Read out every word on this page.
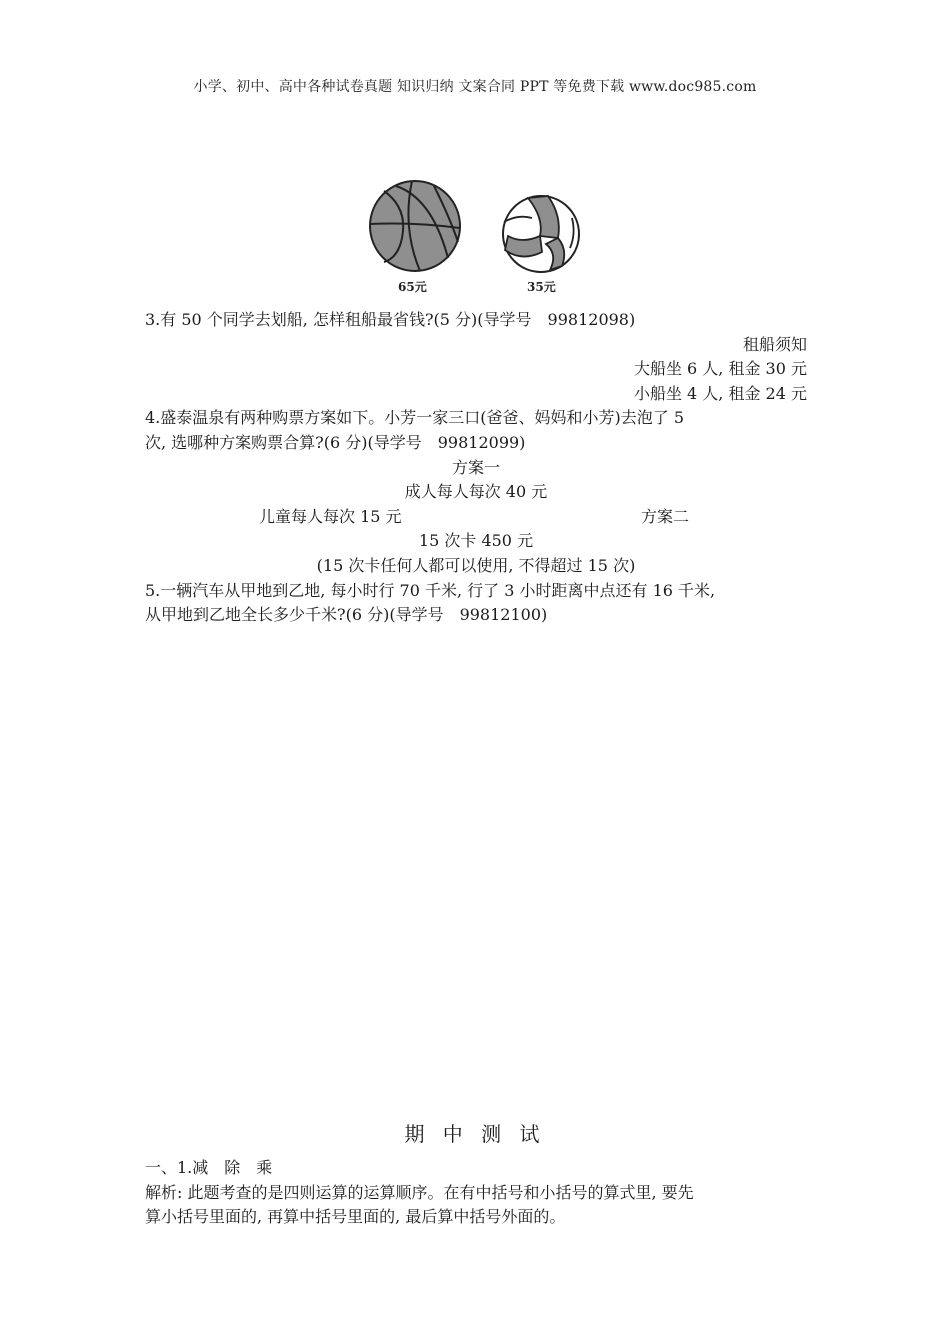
小学、初中、高中各种试卷真题 知识归纳 文案合同 PPT 等免费下载 www.doc985.com
65元	35元
3.有 50 个同学去划船, 怎样租船最省钱?(5 分)(导学号　99812098)
租船须知
大船坐 6 人, 租金 30 元
小船坐 4 人, 租金 24 元
4.盛泰温泉有两种购票方案如下。小芳一家三口(爸爸、妈妈和小芳)去泡了 5
次, 选哪种方案购票合算?(6 分)(导学号　99812099)
方案一
成人每人每次 40 元
儿童每人每次 15 元	方案二
15 次卡 450 元
(15 次卡任何人都可以使用, 不得超过 15 次)
5.一辆汽车从甲地到乙地, 每小时行 70 千米, 行了 3 小时距离中点还有 16 千米,
从甲地到乙地全长多少千米?(6 分)(导学号　99812100)
期 中 测 试
一、1.减　除　乘
解析: 此题考查的是四则运算的运算顺序。在有中括号和小括号的算式里, 要先
算小括号里面的, 再算中括号里面的, 最后算中括号外面的。
